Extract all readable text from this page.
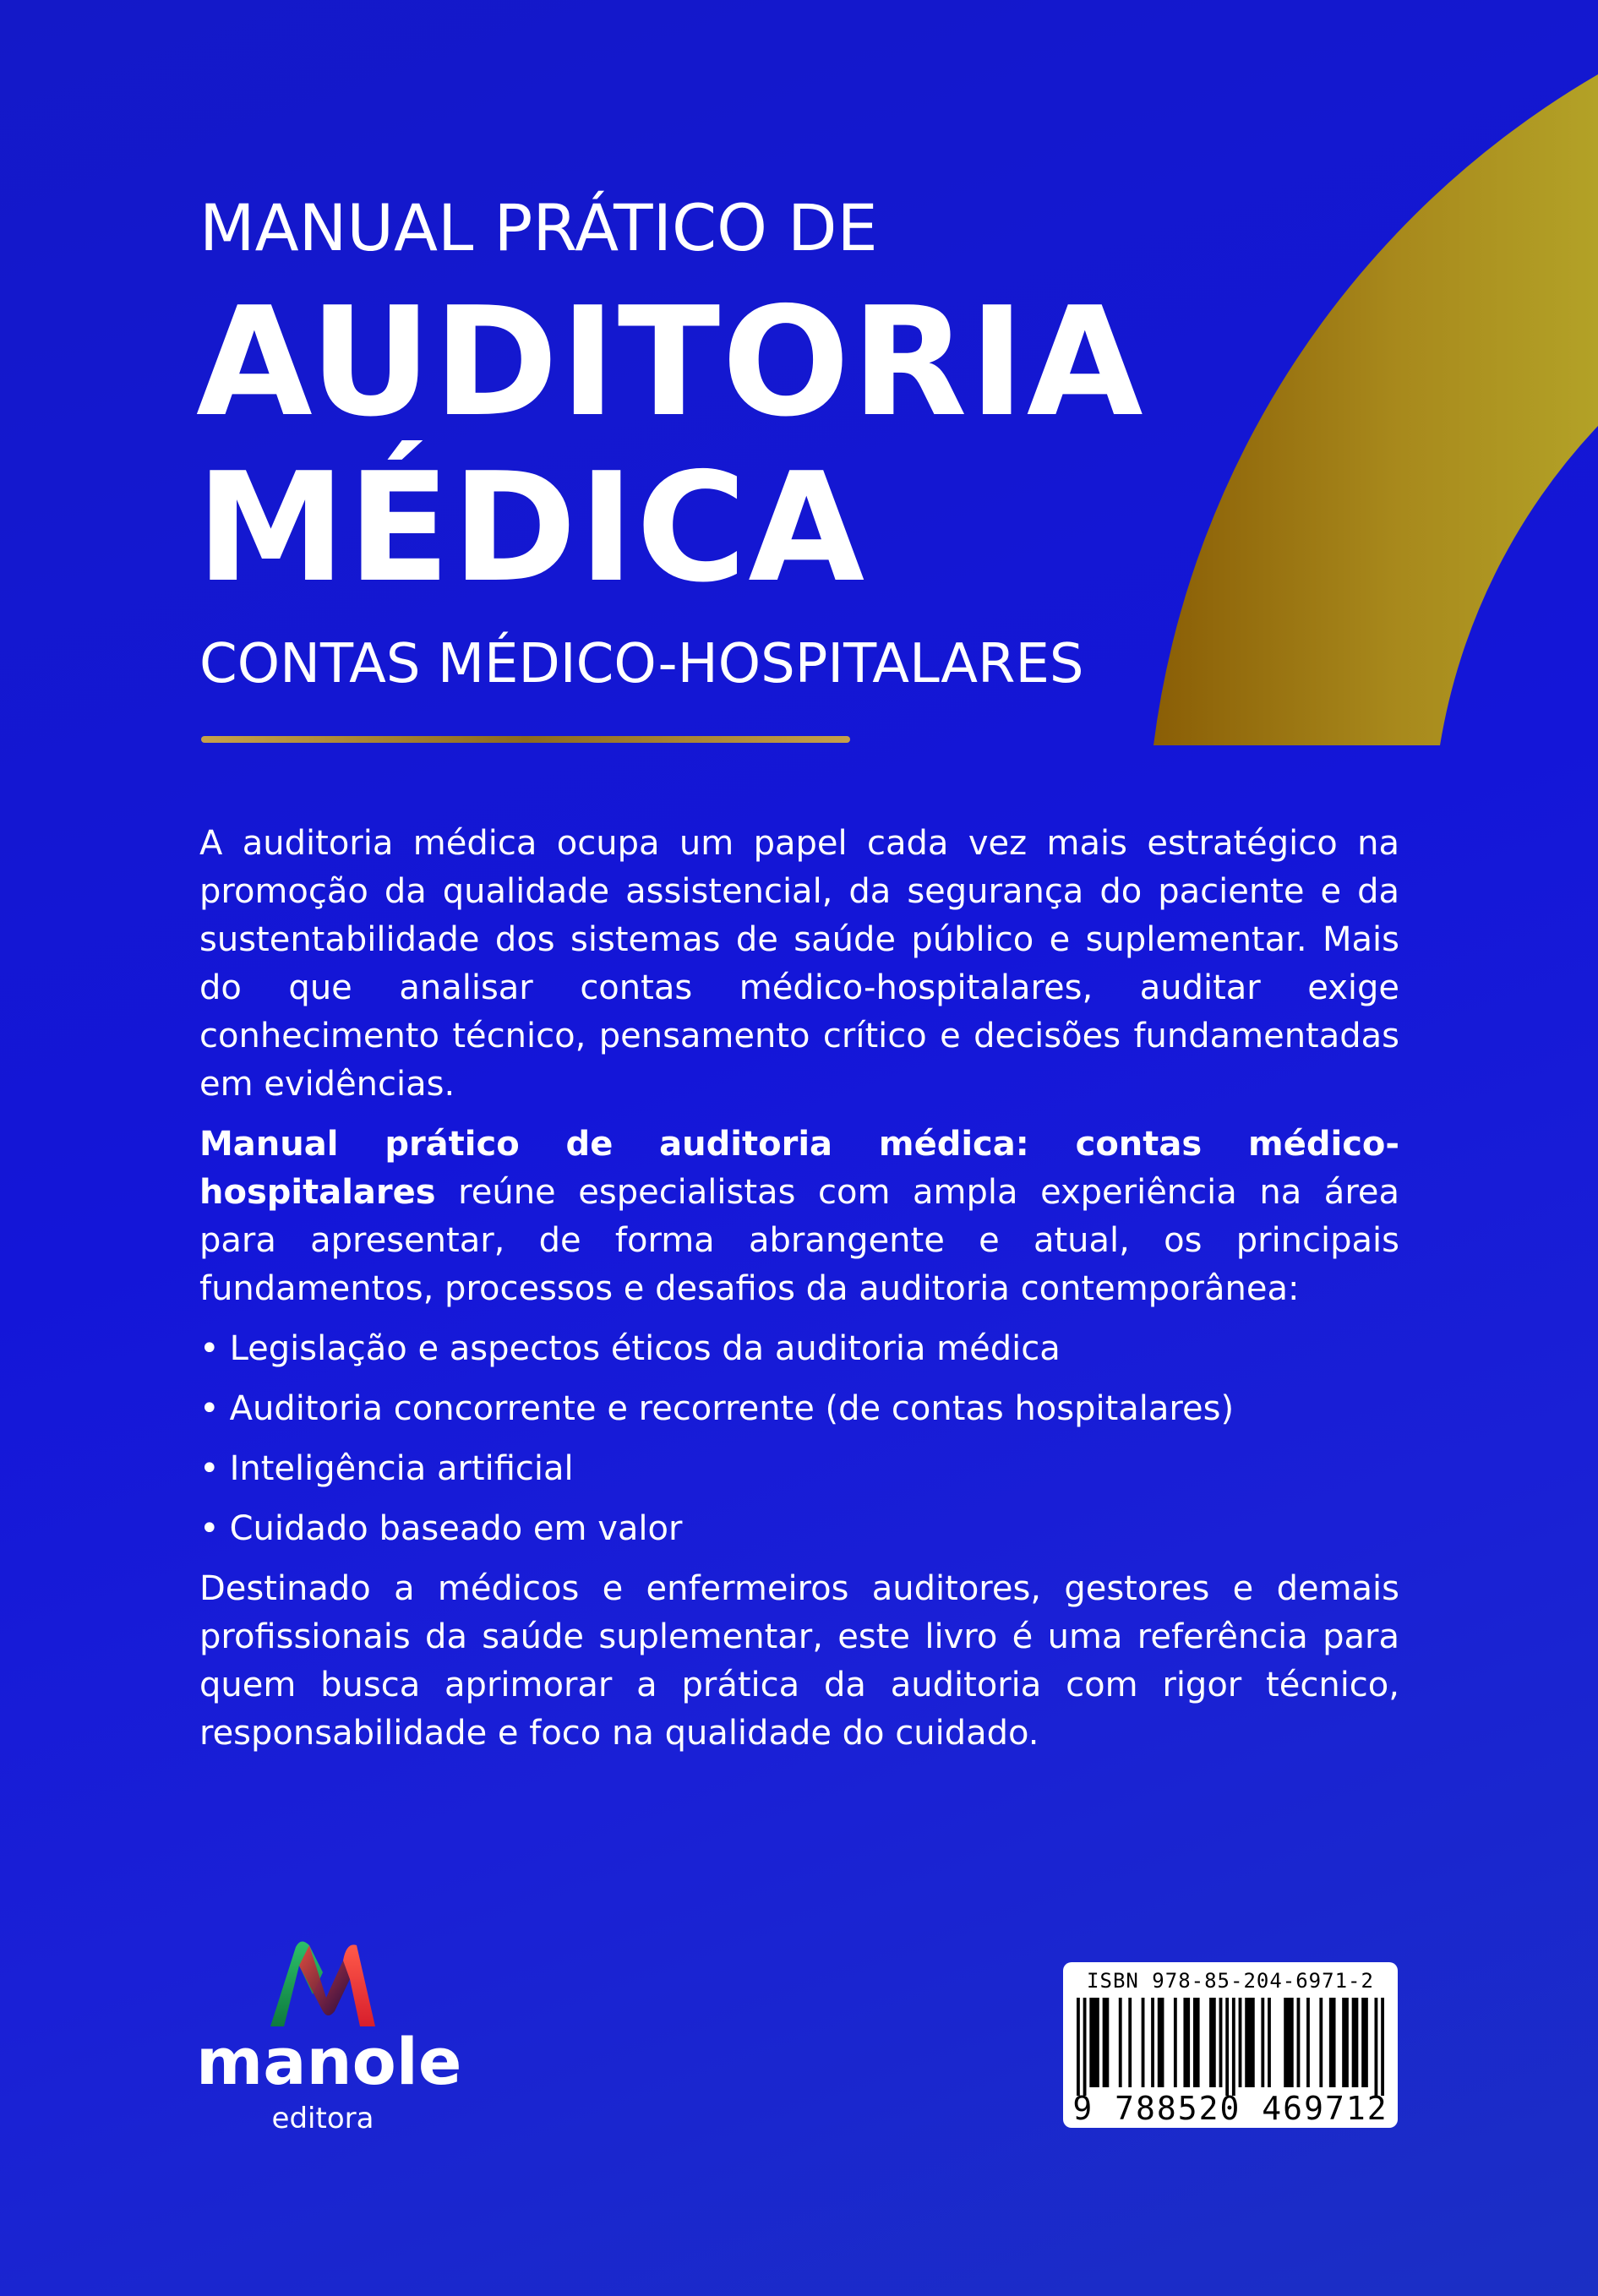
MANUAL PRÁTICO DE
AUDITORIA
MÉDICA
CONTAS MÉDICO-HOSPITALARES

A auditoria médica ocupa um papel cada vez mais estratégico na promoção da qualidade assistencial, da segurança do paciente e da sustentabilidade dos sistemas de saúde público e suplementar. Mais do que analisar contas médico-hospitalares, auditar exige conhecimento técnico, pensamento crítico e decisões fundamentadas em evidências.

Manual prático de auditoria médica: contas médico-hospitalares reúne especialistas com ampla experiência na área para apresentar, de forma abrangente e atual, os principais fundamentos, processos e desafios da auditoria contemporânea:

• Legislação e aspectos éticos da auditoria médica
• Auditoria concorrente e recorrente (de contas hospitalares)
• Inteligência artificial
• Cuidado baseado em valor

Destinado a médicos e enfermeiros auditores, gestores e demais profissionais da saúde suplementar, este livro é uma referência para quem busca aprimorar a prática da auditoria com rigor técnico, responsabilidade e foco na qualidade do cuidado.

manole
editora
ISBN 978-85-204-6971-2
9 788520 469712
